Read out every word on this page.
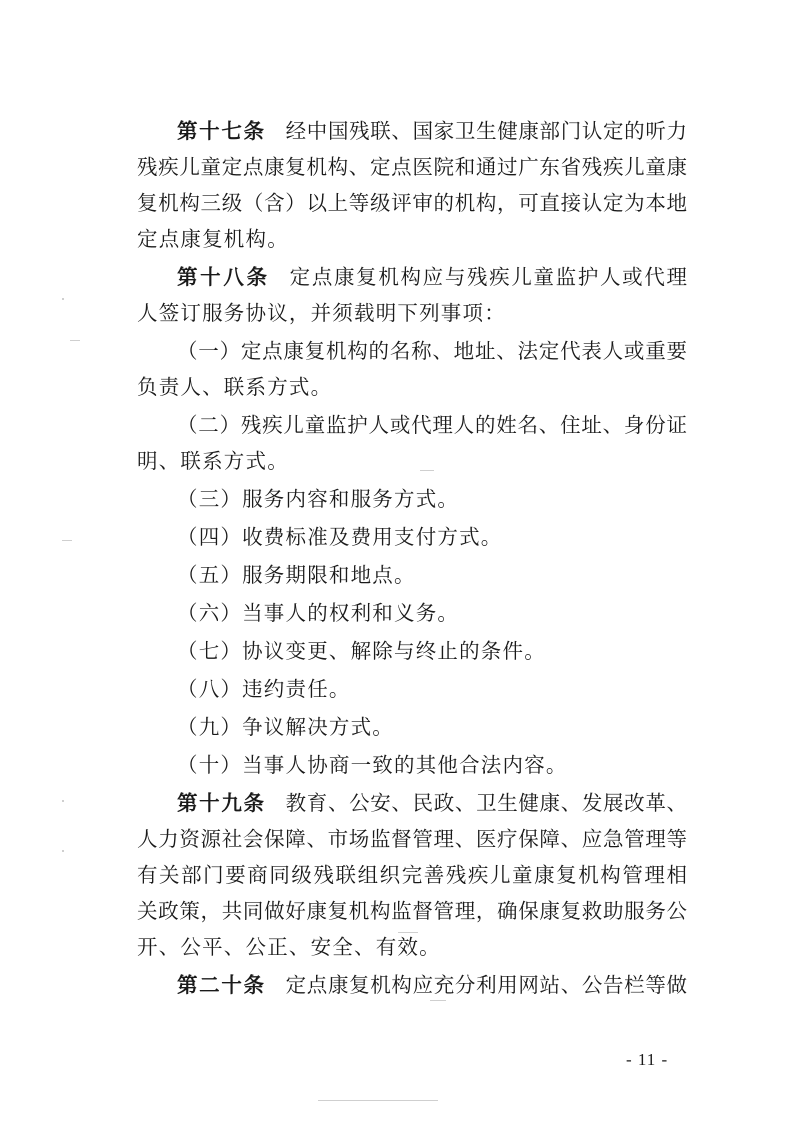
第十七条 经中国残联、国家卫生健康部门认定的听力
残疾儿童定点康复机构、定点医院和通过广东省残疾儿童康
复机构三级（含）以上等级评审的机构，可直接认定为本地
定点康复机构。
第十八条 定点康复机构应与残疾儿童监护人或代理
人签订服务协议，并须载明下列事项：
（一）定点康复机构的名称、地址、法定代表人或重要
负责人、联系方式。
（二）残疾儿童监护人或代理人的姓名、住址、身份证
明、联系方式。
（三）服务内容和服务方式。
（四）收费标准及费用支付方式。
（五）服务期限和地点。
（六）当事人的权利和义务。
（七）协议变更、解除与终止的条件。
（八）违约责任。
（九）争议解决方式。
（十）当事人协商一致的其他合法内容。
第十九条 教育、公安、民政、卫生健康、发展改革、
人力资源社会保障、市场监督管理、医疗保障、应急管理等
有关部门要商同级残联组织完善残疾儿童康复机构管理相
关政策，共同做好康复机构监督管理，确保康复救助服务公
开、公平、公正、安全、有效。
第二十条 定点康复机构应充分利用网站、公告栏等做
- 11 -
